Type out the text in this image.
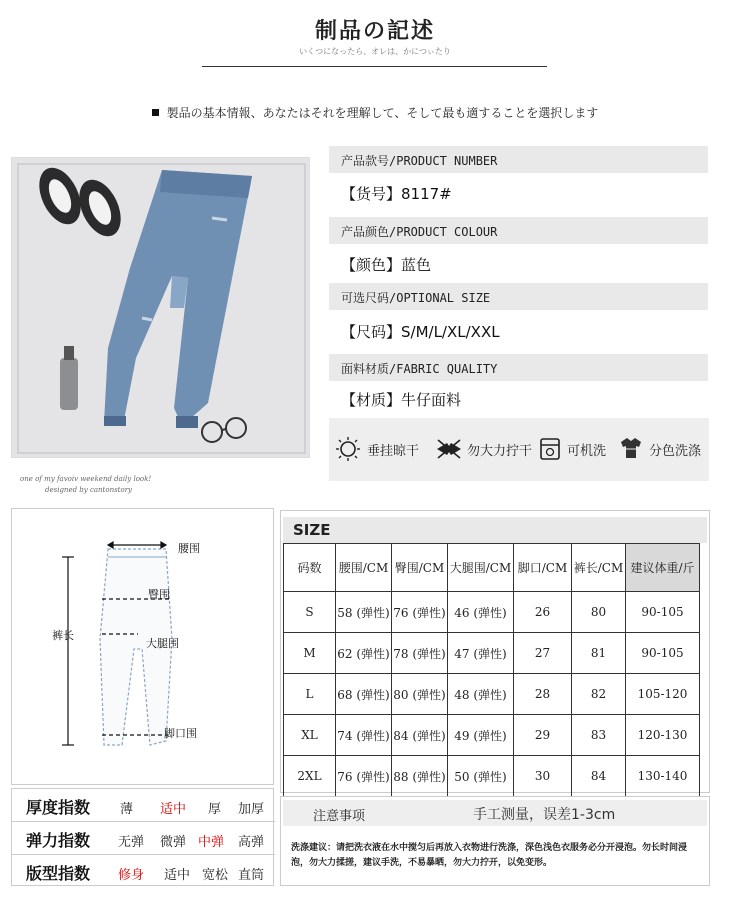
制品の記述
いくつになったら、オレは、かにつぃたり
製品の基本情報、あなたはそれを理解して、そして最も適することを選択します
one of my favoiv weekend daily look!
designed by cantonstory
产品款号/PRODUCT NUMBER
【货号】8117#
产品颜色/PRODUCT COLOUR
【颜色】蓝色
可选尺码/OPTIONAL SIZE
【尺码】S/M/L/XL/XXL
面料材质/FABRIC QUALITY
【材质】牛仔面料
垂挂晾干	勿大力拧干	可机洗	分色洗涤
腰围
臀围
大腿围
脚口围
裤长
SIZE
码数	腰围/CM	臀围/CM	大腿围/CM	脚口/CM	裤长/CM	建议体重/斤
S	58 (弹性)	76 (弹性)	46 (弹性)	26	80	90-105
M	62 (弹性)	78 (弹性)	47 (弹性)	27	81	90-105
L	68 (弹性)	80 (弹性)	48 (弹性)	28	82	105-120
XL	74 (弹性)	84 (弹性)	49 (弹性)	29	83	120-130
2XL	76 (弹性)	88 (弹性)	50 (弹性)	30	84	130-140
厚度指数 薄 适中 厚 加厚
弹力指数 无弹 微弹 中弹 高弹
版型指数 修身 适中 宽松 直筒
注意事项	手工测量，误差1-3cm
洗涤建议：请把洗衣液在水中搅匀后再放入衣物进行洗涤，深色浅色衣服务必分开浸泡。勿长时间浸泡，勿大力揉搓，建议手洗，不易暴晒，勿大力拧开，以免变形。
